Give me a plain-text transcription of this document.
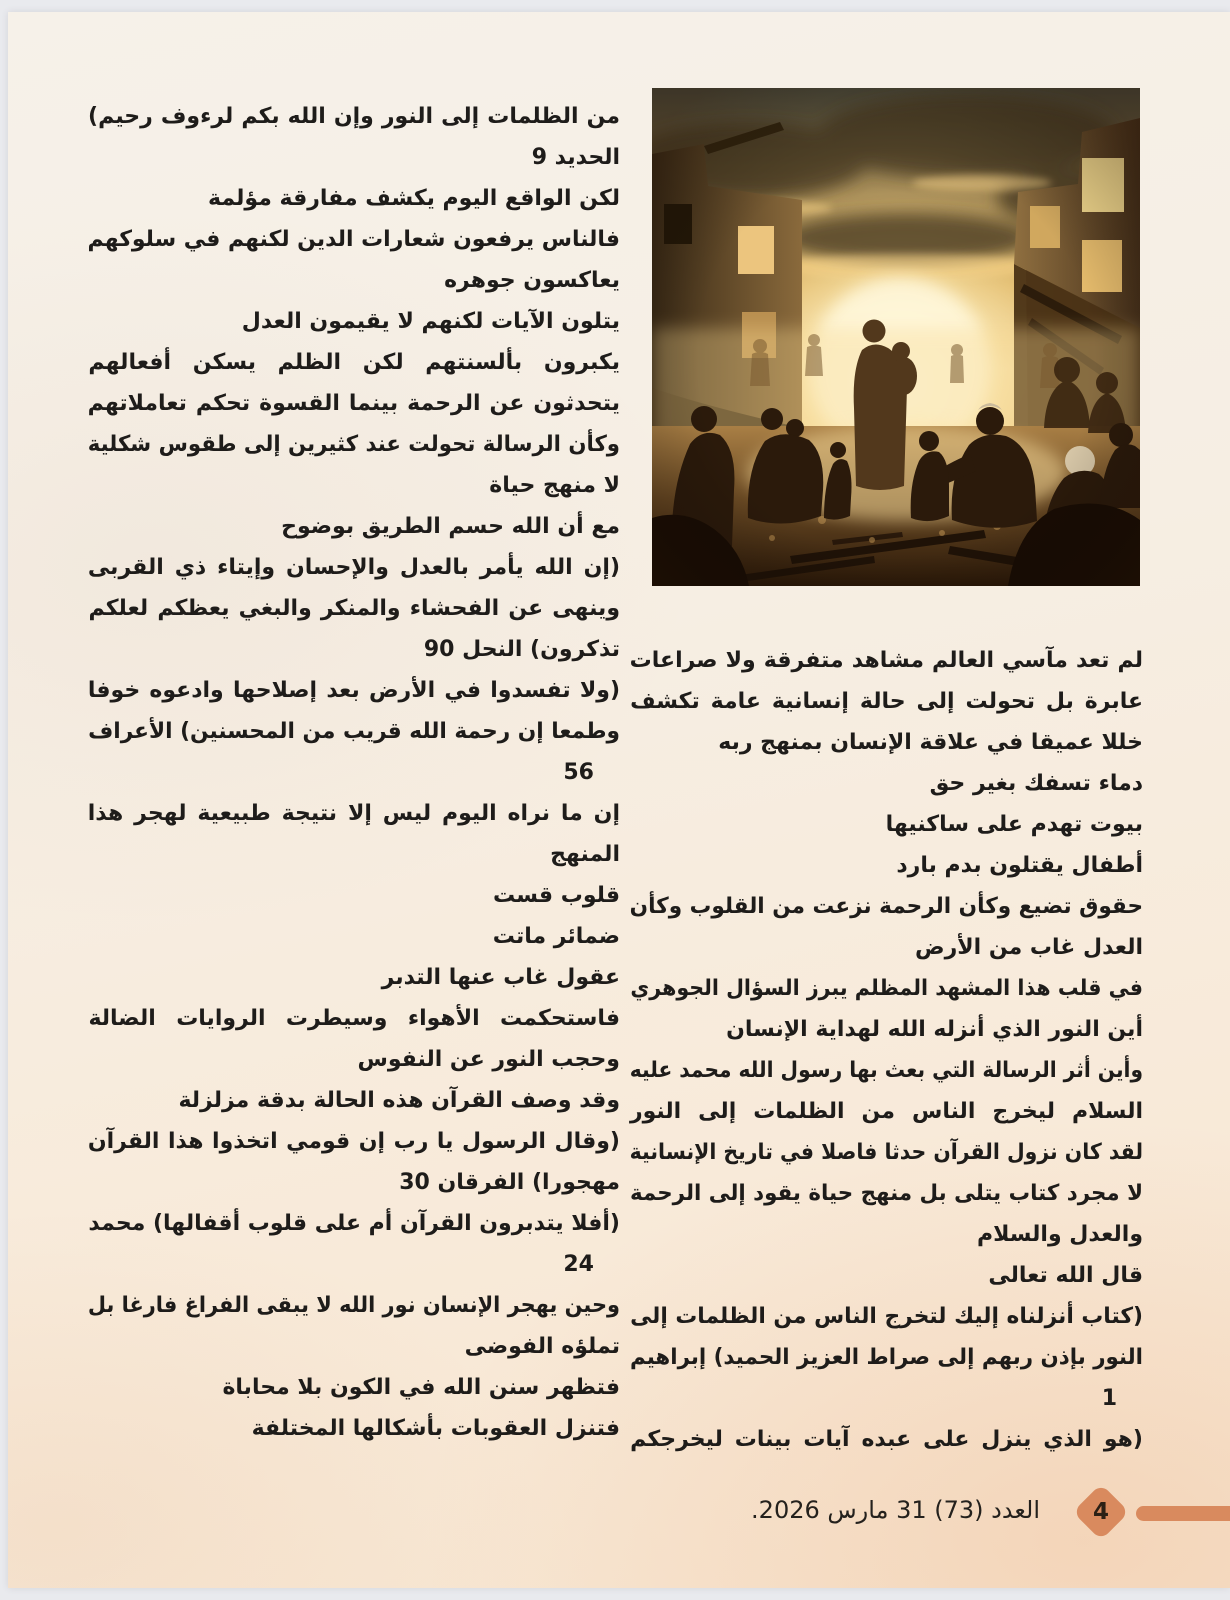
من الظلمات إلى النور وإن الله بكم لرءوف رحيم)
الحديد 9
لكن الواقع اليوم يكشف مفارقة مؤلمة
فالناس يرفعون شعارات الدين لكنهم في سلوكهم
يعاكسون جوهره
يتلون الآيات لكنهم لا يقيمون العدل
يكبرون بألسنتهم لكن الظلم يسكن أفعالهم
يتحدثون عن الرحمة بينما القسوة تحكم تعاملاتهم
وكأن الرسالة تحولت عند كثيرين إلى طقوس شكلية
لا منهج حياة
مع أن الله حسم الطريق بوضوح
(إن الله يأمر بالعدل والإحسان وإيتاء ذي القربى
وينهى عن الفحشاء والمنكر والبغي يعظكم لعلكم
تذكرون) النحل 90
(ولا تفسدوا في الأرض بعد إصلاحها وادعوه خوفا
وطمعا إن رحمة الله قريب من المحسنين) الأعراف
56
إن ما نراه اليوم ليس إلا نتيجة طبيعية لهجر هذا
المنهج
قلوب قست
ضمائر ماتت
عقول غاب عنها التدبر
فاستحكمت الأهواء وسيطرت الروايات الضالة
وحجب النور عن النفوس
وقد وصف القرآن هذه الحالة بدقة مزلزلة
(وقال الرسول يا رب إن قومي اتخذوا هذا القرآن
مهجورا) الفرقان 30
(أفلا يتدبرون القرآن أم على قلوب أقفالها) محمد
24
وحين يهجر الإنسان نور الله لا يبقى الفراغ فارغا بل
تملؤه الفوضى
فتظهر سنن الله في الكون بلا محاباة
فتنزل العقوبات بأشكالها المختلفة
لم تعد مآسي العالم مشاهد متفرقة ولا صراعات
عابرة بل تحولت إلى حالة إنسانية عامة تكشف
خللا عميقا في علاقة الإنسان بمنهج ربه
دماء تسفك بغير حق
بيوت تهدم على ساكنيها
أطفال يقتلون بدم بارد
حقوق تضيع وكأن الرحمة نزعت من القلوب وكأن
العدل غاب من الأرض
في قلب هذا المشهد المظلم يبرز السؤال الجوهري
أين النور الذي أنزله الله لهداية الإنسان
وأين أثر الرسالة التي بعث بها رسول الله محمد عليه
السلام ليخرج الناس من الظلمات إلى النور
لقد كان نزول القرآن حدثا فاصلا في تاريخ الإنسانية
لا مجرد كتاب يتلى بل منهج حياة يقود إلى الرحمة
والعدل والسلام
قال الله تعالى
(كتاب أنزلناه إليك لتخرج الناس من الظلمات إلى
النور بإذن ربهم إلى صراط العزيز الحميد) إبراهيم
1
(هو الذي ينزل على عبده آيات بينات ليخرجكم
العدد (73) 31 مارس 2026.	4
